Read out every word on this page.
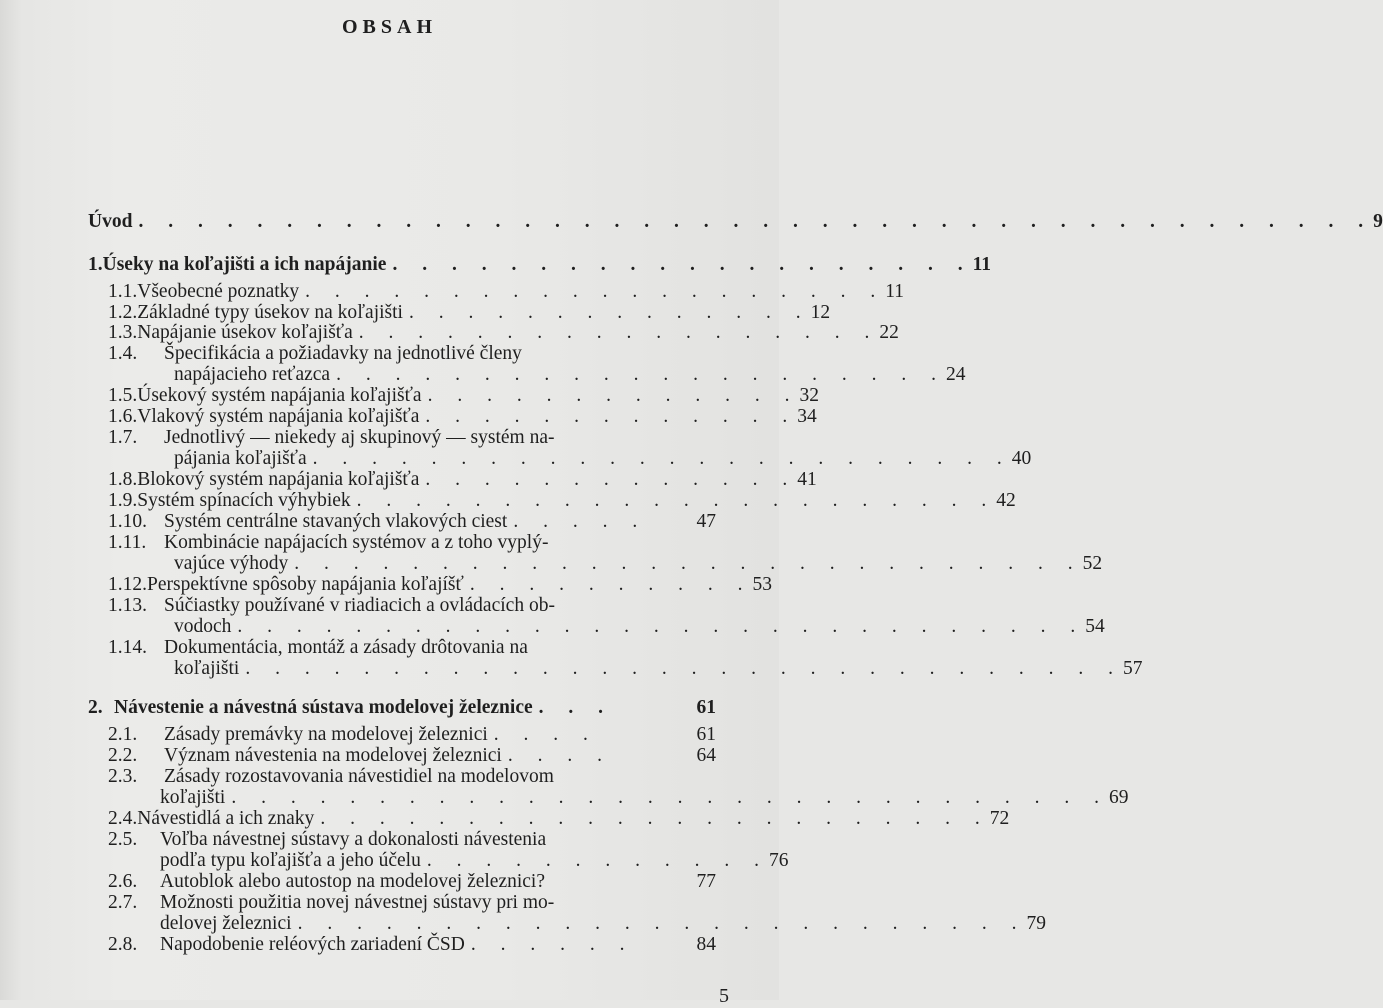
OBSAH
Úvod . . . . . . . . . . . . . . . . . . . . . . . . . . . . . . . . . . . . . . . . . . 9
1. Úseky na koľajišti a ich napájanie . . . . . . . . . . . . . . . . . . . . 11
1.1. Všeobecné poznatky . . . . . . . . . . . . . . . . . . . . 11
1.2. Základné typy úsekov na koľajišti . . . . . . . . . . . . . . 12
1.3. Napájanie úsekov koľajišťa . . . . . . . . . . . . . . . . . . 22
1.4.	Špecifikácia a požiadavky na jednotlivé členy
napájacieho reťazca . . . . . . . . . . . . . . . . . . . . . 24
1.5. Úsekový systém napájania koľajišťa . . . . . . . . . . . . . 32
1.6. Vlakový systém napájania koľajišťa . . . . . . . . . . . . . 34
1.7.	Jednotlivý — niekedy aj skupinový — systém na-
pájania koľajišťa . . . . . . . . . . . . . . . . . . . . . . . . 40
1.8. Blokový systém napájania koľajišťa . . . . . . . . . . . . . 41
1.9. Systém spínacích výhybiek . . . . . . . . . . . . . . . . . . . . . . 42
1.10. Systém centrálne stavaných vlakových ciest . . . . .	47
1.11. Kombinácie napájacích systémov a z toho vyplý-
vajúce výhody . . . . . . . . . . . . . . . . . . . . . . . . . . . 52
1.12. Perspektívne spôsoby napájania koľajíšť . . . . . . . . . . 53
1.13. Súčiastky používané v riadiacich a ovládacích ob-
vodoch . . . . . . . . . . . . . . . . . . . . . . . . . . . . . 54
1.14. Dokumentácia, montáž a zásady drôtovania na
koľajišti . . . . . . . . . . . . . . . . . . . . . . . . . . . . . . 57
2. Návestenie a návestná sústava modelovej železnice . . .	61
2.1.	Zásady premávky na modelovej železnici . . . .	61
2.2.	Význam návestenia na modelovej železnici . . . .	64
2.3.	Zásady rozostavovania návestidiel na modelovom
koľajišti . . . . . . . . . . . . . . . . . . . . . . . . . . . . . . 69
2.4. Návestidlá a ich znaky . . . . . . . . . . . . . . . . . . . . . . . 72
2.5.	Voľba návestnej sústavy a dokonalosti návestenia
podľa typu koľajišťa a jeho účelu . . . . . . . . . . . . 76
2.6.	Autoblok alebo autostop na modelovej železnici?	77
2.7.	Možnosti použitia novej návestnej sústavy pri mo-
delovej železnici . . . . . . . . . . . . . . . . . . . . . . . . . 79
2.8.	Napodobenie reléových zariadení ČSD . . . . . .	84
5
